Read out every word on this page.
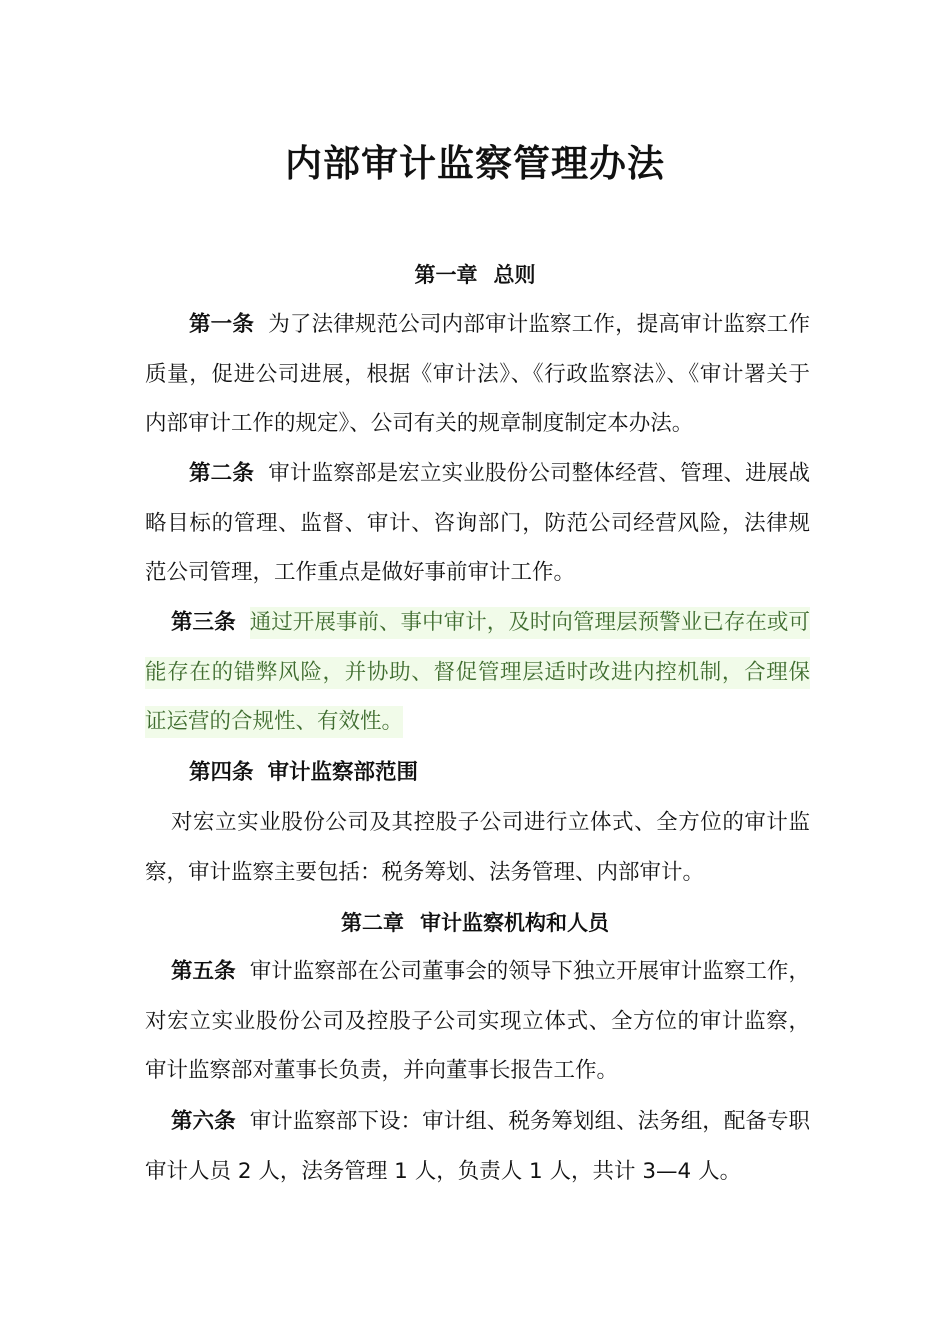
内部审计监察管理办法
第一章 总则

第一条 为了法律规范公司内部审计监察工作，提高审计监察工作质量，促进公司进展，根据《审计法》、《行政监察法》、《审计署关于内部审计工作的规定》、公司有关的规章制度制定本办法。

第二条 审计监察部是宏立实业股份公司整体经营、管理、进展战略目标的管理、监督、审计、咨询部门，防范公司经营风险，法律规范公司管理，工作重点是做好事前审计工作。

第三条 通过开展事前、事中审计，及时向管理层预警业已存在或可能存在的错弊风险，并协助、督促管理层适时改进内控机制，合理保证运营的合规性、有效性。

第四条 审计监察部范围

对宏立实业股份公司及其控股子公司进行立体式、全方位的审计监察，审计监察主要包括：税务筹划、法务管理、内部审计。

第二章 审计监察机构和人员

第五条 审计监察部在公司董事会的领导下独立开展审计监察工作，对宏立实业股份公司及控股子公司实现立体式、全方位的审计监察，审计监察部对董事长负责，并向董事长报告工作。

第六条 审计监察部下设：审计组、税务筹划组、法务组，配备专职审计人员 2 人，法务管理 1 人，负责人 1 人，共计 3—4 人。
